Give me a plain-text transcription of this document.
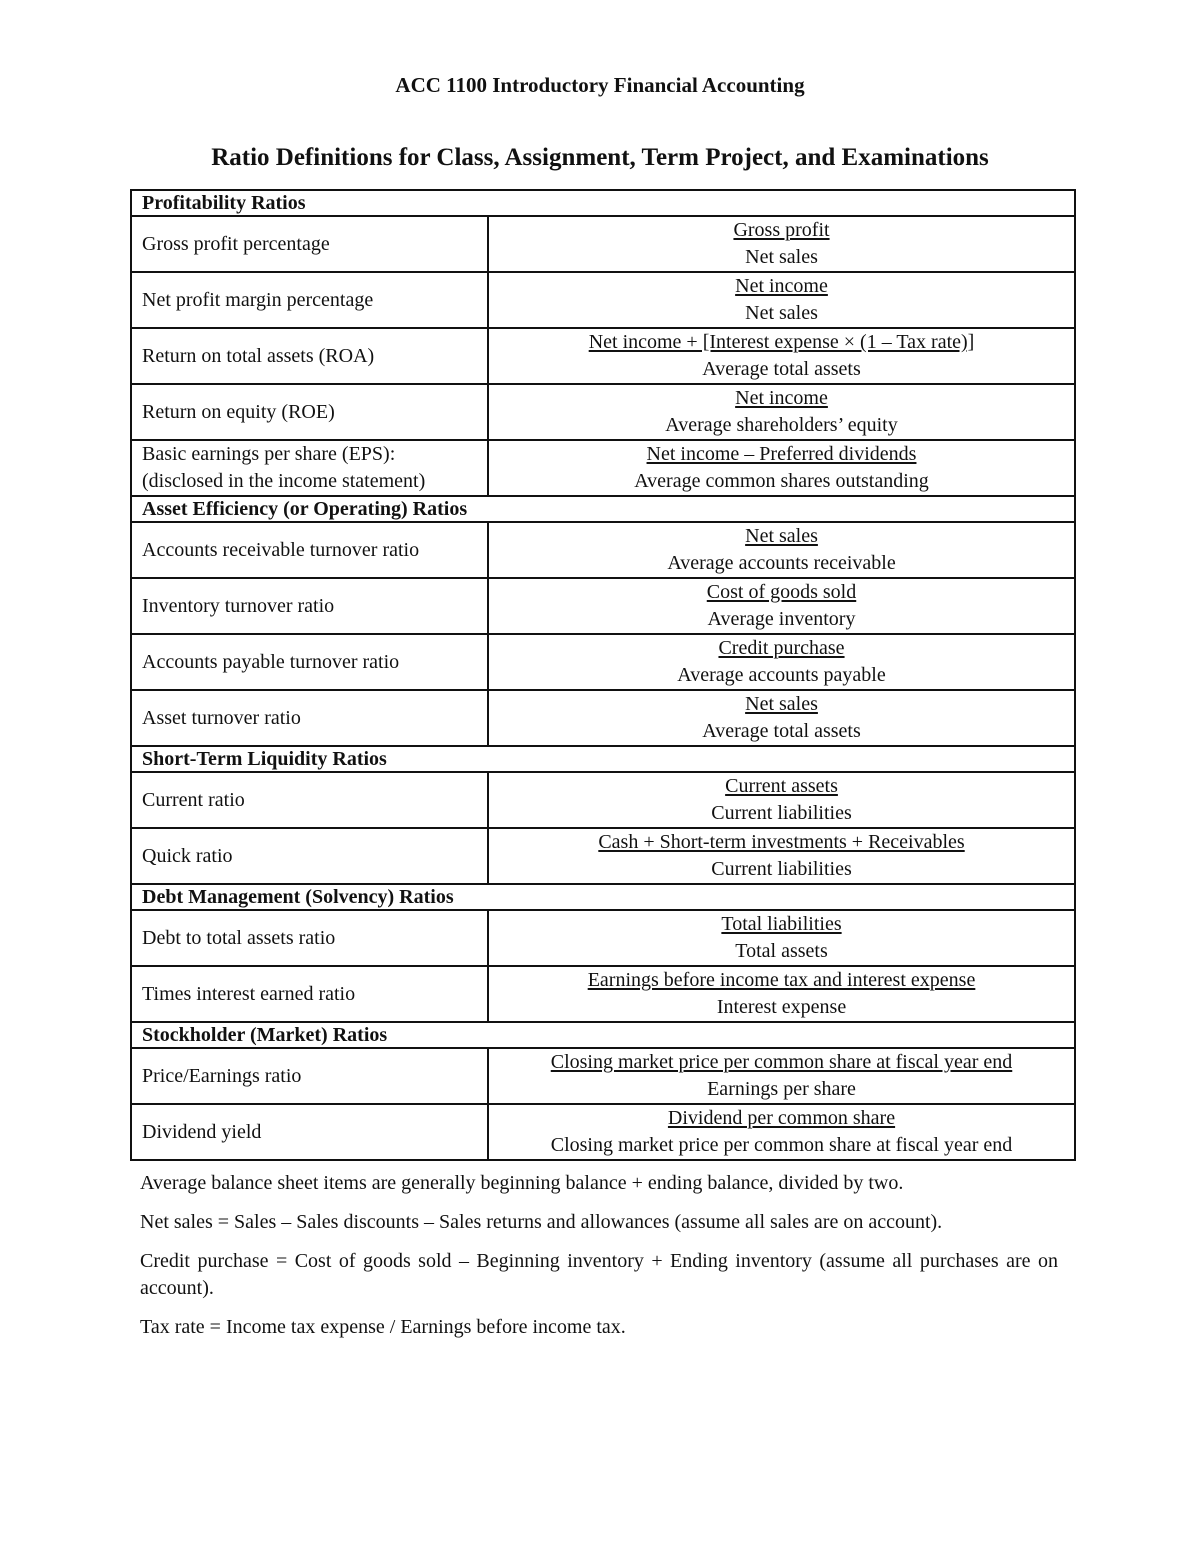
ACC 1100 Introductory Financial Accounting
Ratio Definitions for Class, Assignment, Term Project, and Examinations
Profitability Ratios	
Gross profit percentage	Gross profit
Net sales

Net profit margin percentage	Net income
Net sales

Return on total assets (ROA)	Net income + [Interest expense × (1 – Tax rate)]
Average total assets

Return on equity (ROE)	Net income
Average shareholders’ equity

Basic earnings per share (EPS):
(disclosed in the income statement)	Net income – Preferred dividends
Average common shares outstanding

Asset Efficiency (or Operating) Ratios	
Accounts receivable turnover ratio	Net sales
Average accounts receivable

Inventory turnover ratio	Cost of goods sold
Average inventory

Accounts payable turnover ratio	Credit purchase
Average accounts payable

Asset turnover ratio	Net sales
Average total assets

Short-Term Liquidity Ratios	
Current ratio	Current assets
Current liabilities

Quick ratio	Cash + Short-term investments + Receivables
Current liabilities

Debt Management (Solvency) Ratios	
Debt to total assets ratio	Total liabilities
Total assets

Times interest earned ratio	Earnings before income tax and interest expense
Interest expense

Stockholder (Market) Ratios	
Price/Earnings ratio	Closing market price per common share at fiscal year end
Earnings per share

Dividend yield	Dividend per common share
Closing market price per common share at fiscal year end

Average balance sheet items are generally beginning balance + ending balance, divided by two.

Net sales = Sales – Sales discounts – Sales returns and allowances (assume all sales are on account).

Credit purchase = Cost of goods sold – Beginning inventory + Ending inventory (assume all purchases are on account).

Tax rate = Income tax expense / Earnings before income tax.
